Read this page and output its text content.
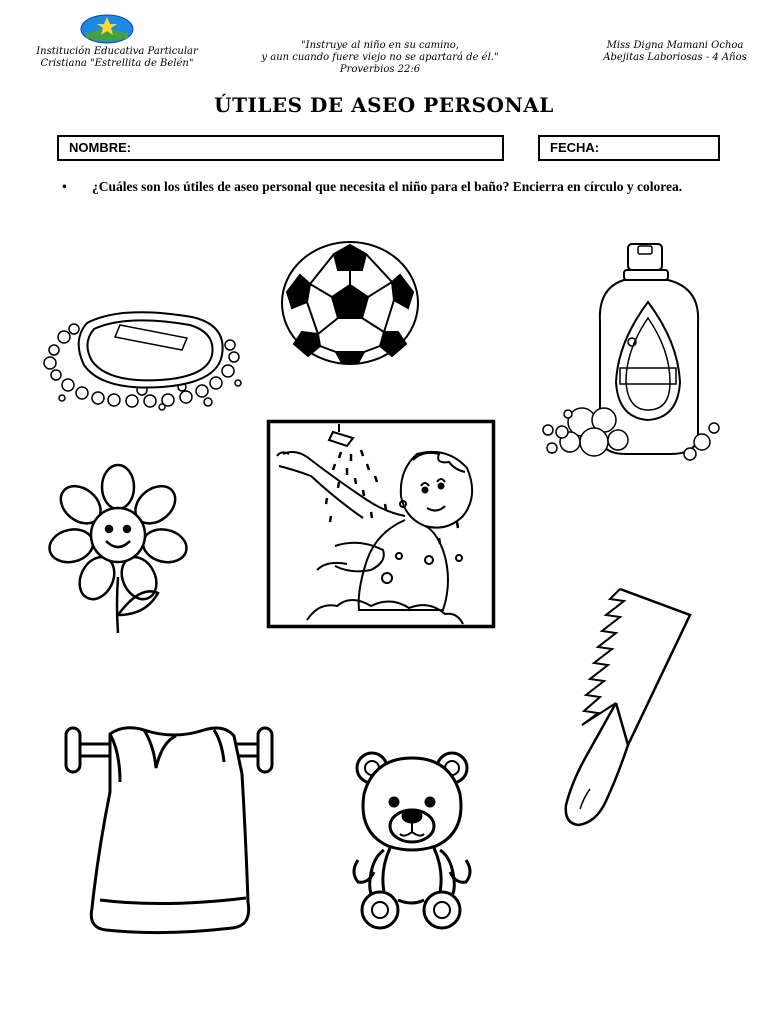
Institución Educativa Particular
Cristiana "Estrellita de Belén"
"Instruye al niño en su camino,
y aun cuando fuere viejo no se apartará de él."
Proverbios 22:6
Miss Digna Mamani Ochoa
Abejitas Laboriosas - 4 Años
ÚTILES DE ASEO PERSONAL
NOMBRE:	FECHA:
•	¿Cuáles son los útiles de aseo personal que necesita el niño para el baño? Encierra en círculo y colorea.
